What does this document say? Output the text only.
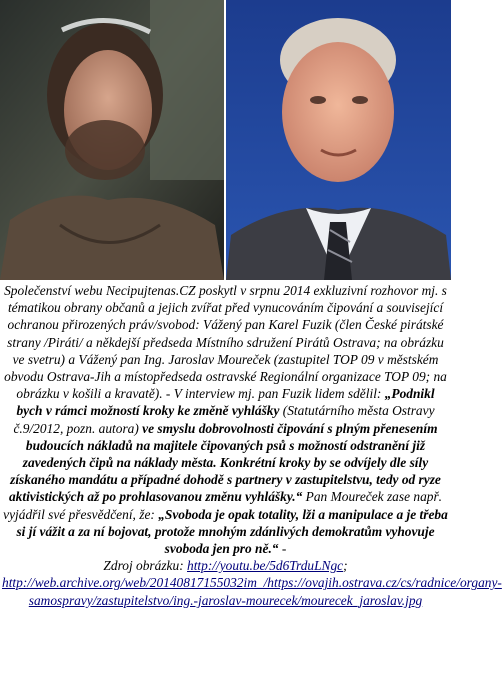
Společenství webu Necipujtenas.CZ poskytl v srpnu 2014 exkluzivní rozhovor mj. s tématikou obrany občanů a jejich zvířat před vynucováním čipování a související ochranou přirozených práv/svobod: Vážený pan Karel Fuzik (člen České pirátské strany /Piráti/ a někdejší předseda Místního sdružení Pirátů Ostrava; na obrázku ve svetru) a Vážený pan Ing. Jaroslav Moureček (zastupitel TOP 09 v městském obvodu Ostrava-Jih a místopředseda ostravské Regionální organizace TOP 09; na obrázku v košili a kravatě). - V interview mj. pan Fuzik lidem sdělil: „Podnikl bych v rámci možností kroky ke změně vyhlášky (Statutárního města Ostravy č.9/2012, pozn. autora) ve smyslu dobrovolnosti čipování s plným přenesením budoucích nákladů na majitele čipovaných psů s možností odstranění již zavedených čipů na náklady města. Konkrétní kroky by se odvíjely dle síly získaného mandátu a případné dohodě s partnery v zastupitelstvu, tedy od ryze aktivistických až po prohlasovanou změnu vyhlášky.“ Pan Moureček zase např. vyjádřil své přesvědčení, že: „Svoboda je opak totality, lži a manipulace a je třeba si jí vážit a za ní bojovat, protože mnohým zdánlivých demokratům vyhovuje svoboda jen pro ně.“ -

Zdroj obrázku: http://youtu.be/5d6TrduLNgc;

http://web.archive.org/web/20140817155032im_/https://ovajih.ostrava.cz/cs/radnice/organy-samospravy/zastupitelstvo/ing.-jaroslav-mourecek/mourecek_jaroslav.jpg
